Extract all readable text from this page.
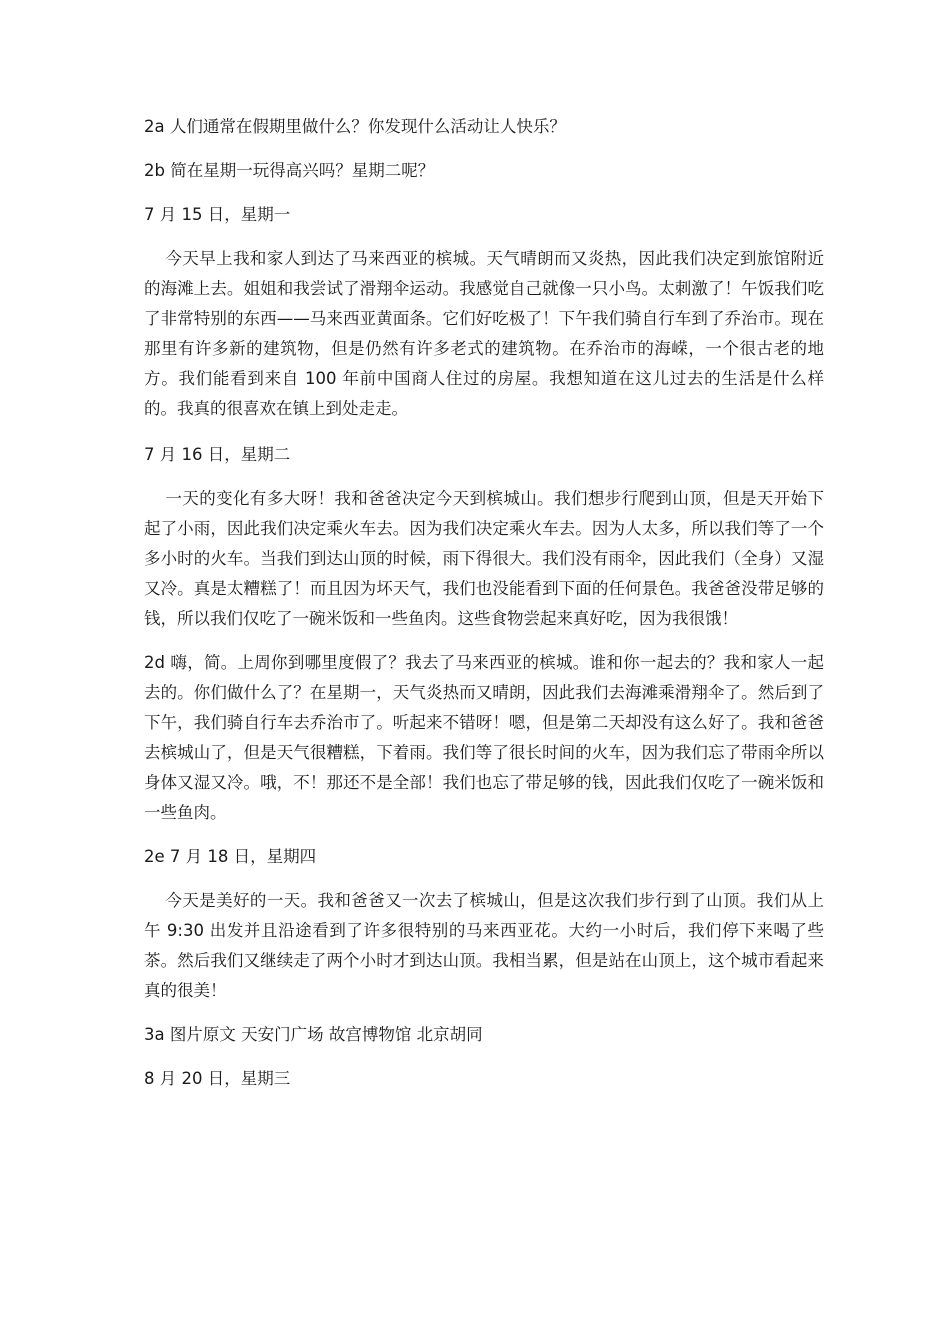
2a 人们通常在假期里做什么？你发现什么活动让人快乐？

2b 简在星期一玩得高兴吗？星期二呢？

7 月 15 日，星期一

今天早上我和家人到达了马来西亚的槟城。天气晴朗而又炎热，因此我们决定到旅馆附近的海滩上去。姐姐和我尝试了滑翔伞运动。我感觉自己就像一只小鸟。太刺激了！午饭我们吃了非常特别的东西——马来西亚黄面条。它们好吃极了！下午我们骑自行车到了乔治市。现在那里有许多新的建筑物，但是仍然有许多老式的建筑物。在乔治市的海嵘，一个很古老的地方。我们能看到来自 100 年前中国商人住过的房屋。我想知道在这儿过去的生活是什么样的。我真的很喜欢在镇上到处走走。

7 月 16 日，星期二

一天的变化有多大呀！我和爸爸决定今天到槟城山。我们想步行爬到山顶，但是天开始下起了小雨，因此我们决定乘火车去。因为我们决定乘火车去。因为人太多，所以我们等了一个多小时的火车。当我们到达山顶的时候，雨下得很大。我们没有雨伞，因此我们（全身）又湿又冷。真是太糟糕了！而且因为坏天气，我们也没能看到下面的任何景色。我爸爸没带足够的钱，所以我们仅吃了一碗米饭和一些鱼肉。这些食物尝起来真好吃，因为我很饿！

2d 嗨，简。上周你到哪里度假了？我去了马来西亚的槟城。谁和你一起去的？我和家人一起去的。你们做什么了？在星期一，天气炎热而又晴朗，因此我们去海滩乘滑翔伞了。然后到了下午，我们骑自行车去乔治市了。听起来不错呀！嗯，但是第二天却没有这么好了。我和爸爸去槟城山了，但是天气很糟糕，下着雨。我们等了很长时间的火车，因为我们忘了带雨伞所以身体又湿又冷。哦，不！那还不是全部！我们也忘了带足够的钱，因此我们仅吃了一碗米饭和一些鱼肉。

2e 7 月 18 日，星期四

今天是美好的一天。我和爸爸又一次去了槟城山，但是这次我们步行到了山顶。我们从上午 9:30 出发并且沿途看到了许多很特别的马来西亚花。大约一小时后，我们停下来喝了些茶。然后我们又继续走了两个小时才到达山顶。我相当累，但是站在山顶上，这个城市看起来真的很美！

3a 图片原文 天安门广场 故宫博物馆 北京胡同

8 月 20 日，星期三
